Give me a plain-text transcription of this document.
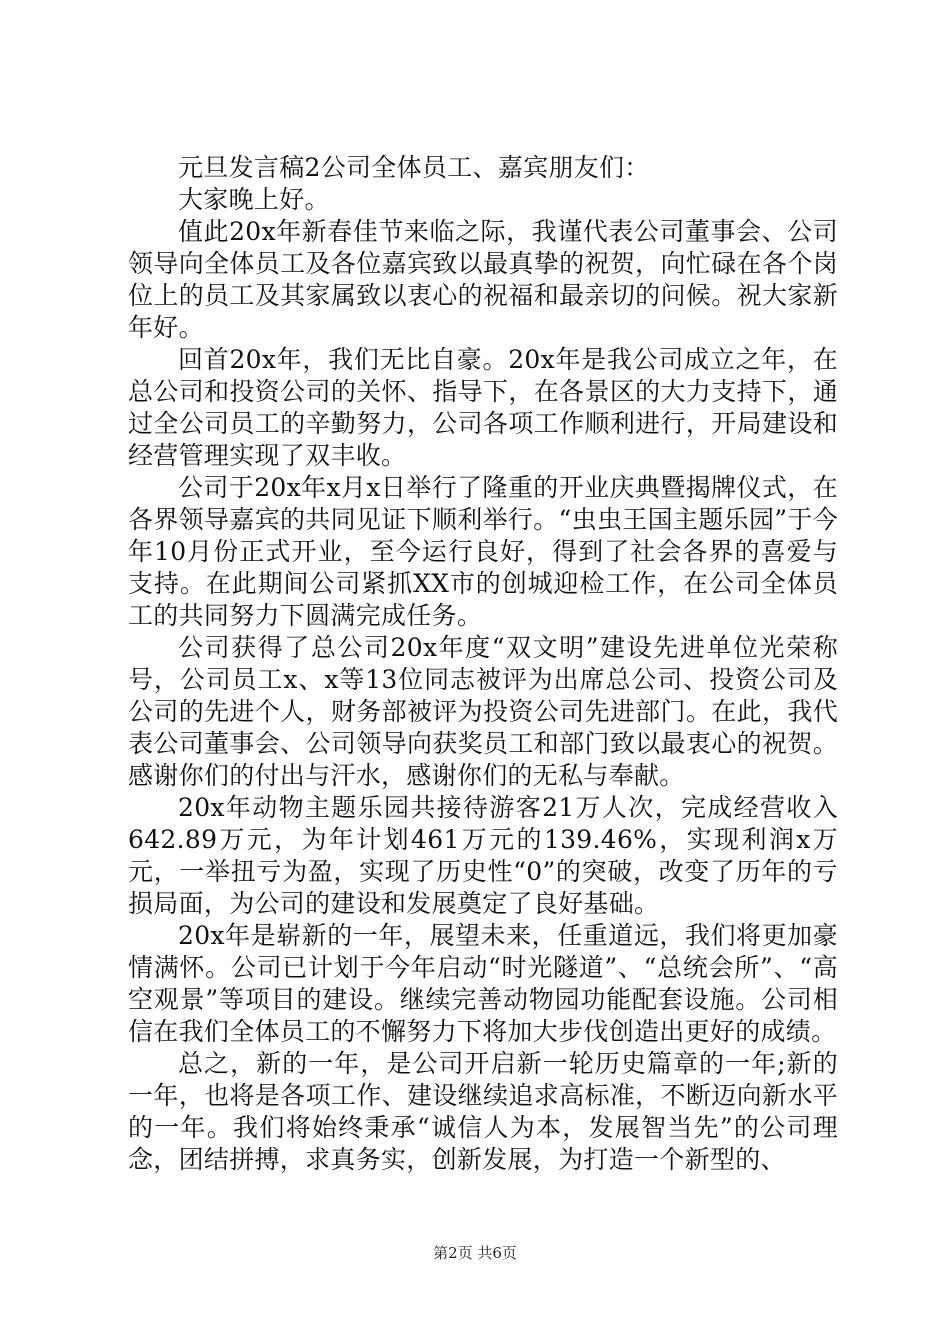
元旦发言稿2公司全体员工、嘉宾朋友们：

大家晚上好。

值此20x年新春佳节来临之际，我谨代表公司董事会、公司领导向全体员工及各位嘉宾致以最真挚的祝贺，向忙碌在各个岗位上的员工及其家属致以衷心的祝福和最亲切的问候。祝大家新年好。

回首20x年，我们无比自豪。20x年是我公司成立之年，在总公司和投资公司的关怀、指导下，在各景区的大力支持下，通过全公司员工的辛勤努力，公司各项工作顺利进行，开局建设和经营管理实现了双丰收。

公司于20x年x月x日举行了隆重的开业庆典暨揭牌仪式，在各界领导嘉宾的共同见证下顺利举行。“虫虫王国主题乐园”于今年10月份正式开业，至今运行良好，得到了社会各界的喜爱与支持。在此期间公司紧抓XX市的创城迎检工作，在公司全体员工的共同努力下圆满完成任务。

公司获得了总公司20x年度“双文明”建设先进单位光荣称号，公司员工x、x等13位同志被评为出席总公司、投资公司及公司的先进个人，财务部被评为投资公司先进部门。在此，我代表公司董事会、公司领导向获奖员工和部门致以最衷心的祝贺。感谢你们的付出与汗水，感谢你们的无私与奉献。

20x年动物主题乐园共接待游客21万人次，完成经营收入642.89万元，为年计划461万元的139.46%，实现利润x万元，一举扭亏为盈，实现了历史性“0”的突破，改变了历年的亏损局面，为公司的建设和发展奠定了良好基础。

20x年是崭新的一年，展望未来，任重道远，我们将更加豪情满怀。公司已计划于今年启动“时光隧道”、“总统会所”、“高空观景”等项目的建设。继续完善动物园功能配套设施。公司相信在我们全体员工的不懈努力下将加大步伐创造出更好的成绩。

总之，新的一年，是公司开启新一轮历史篇章的一年;新的一年，也将是各项工作、建设继续追求高标准，不断迈向新水平的一年。我们将始终秉承“诚信人为本，发展智当先”的公司理念，团结拼搏，求真务实，创新发展，为打造一个新型的、

第2页 共6页
